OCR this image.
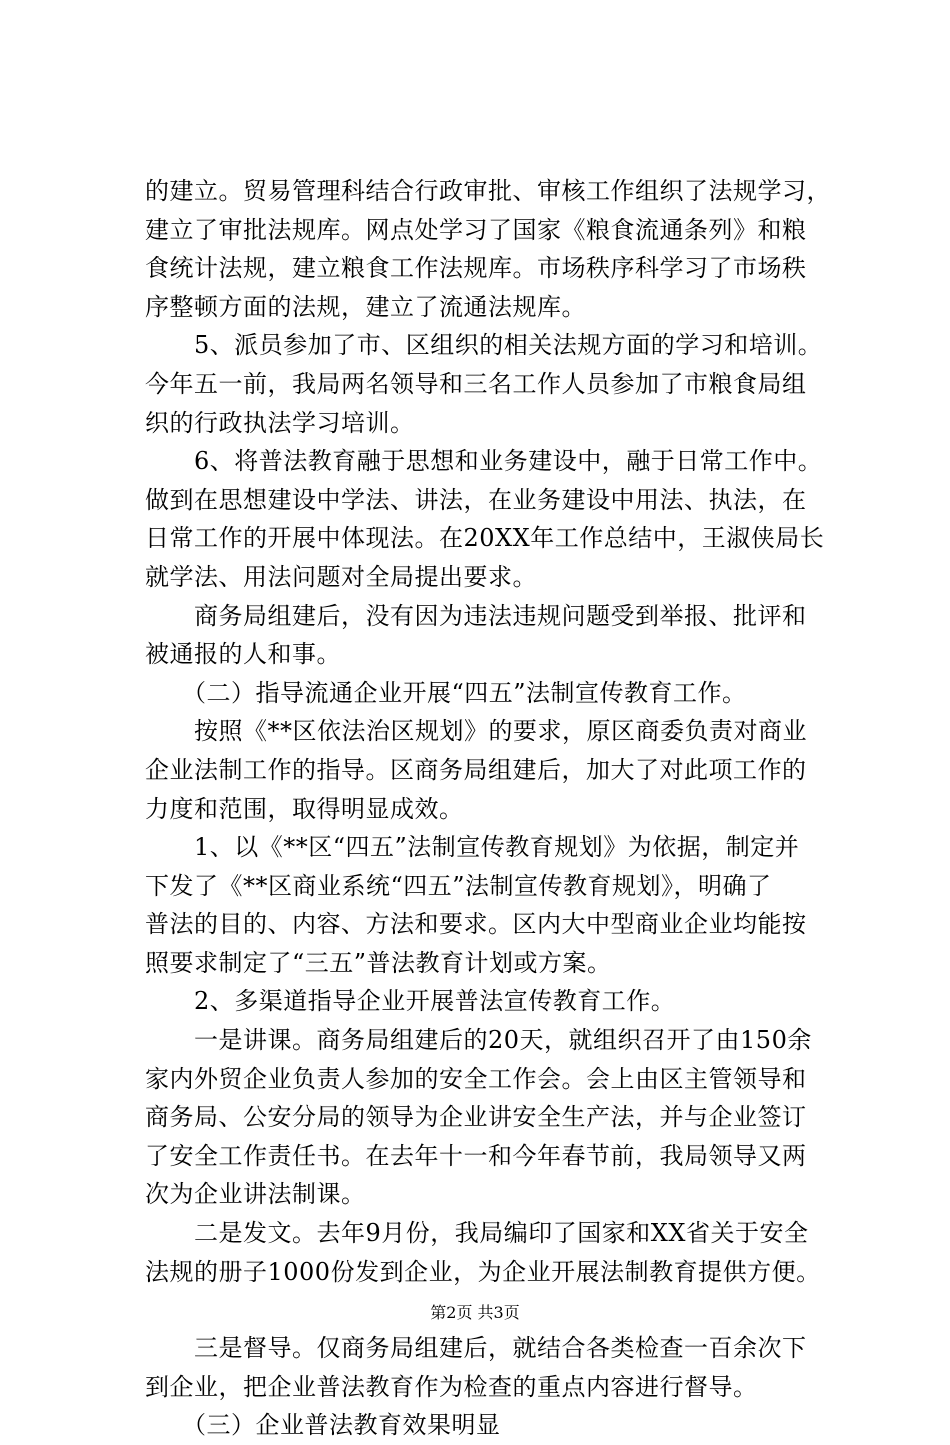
的建立。贸易管理科结合行政审批、审核工作组织了法规学习，
建立了审批法规库。网点处学习了国家《粮食流通条列》和粮
食统计法规，建立粮食工作法规库。市场秩序科学习了市场秩
序整顿方面的法规，建立了流通法规库。
　　5、派员参加了市、区组织的相关法规方面的学习和培训。
今年五一前，我局两名领导和三名工作人员参加了市粮食局组
织的行政执法学习培训。
　　6、将普法教育融于思想和业务建设中，融于日常工作中。
做到在思想建设中学法、讲法，在业务建设中用法、执法，在
日常工作的开展中体现法。在20XX年工作总结中，王淑侠局长
就学法、用法问题对全局提出要求。
　　商务局组建后，没有因为违法违规问题受到举报、批评和
被通报的人和事。
　　（二）指导流通企业开展“四五”法制宣传教育工作。
　　按照《**区依法治区规划》的要求，原区商委负责对商业
企业法制工作的指导。区商务局组建后，加大了对此项工作的
力度和范围，取得明显成效。
　　1、以《**区“四五”法制宣传教育规划》为依据，制定并
下发了《**区商业系统“四五”法制宣传教育规划》，明确了
普法的目的、内容、方法和要求。区内大中型商业企业均能按
照要求制定了“三五”普法教育计划或方案。
　　2、多渠道指导企业开展普法宣传教育工作。
　　一是讲课。商务局组建后的20天，就组织召开了由150余
家内外贸企业负责人参加的安全工作会。会上由区主管领导和
商务局、公安分局的领导为企业讲安全生产法，并与企业签订
了安全工作责任书。在去年十一和今年春节前，我局领导又两
次为企业讲法制课。
　　二是发文。去年9月份，我局编印了国家和XX省关于安全
法规的册子1000份发到企业，为企业开展法制教育提供方便。
　　三是督导。仅商务局组建后，就结合各类检查一百余次下
到企业，把企业普法教育作为检查的重点内容进行督导。
　　（三）企业普法教育效果明显
第2页 共3页
